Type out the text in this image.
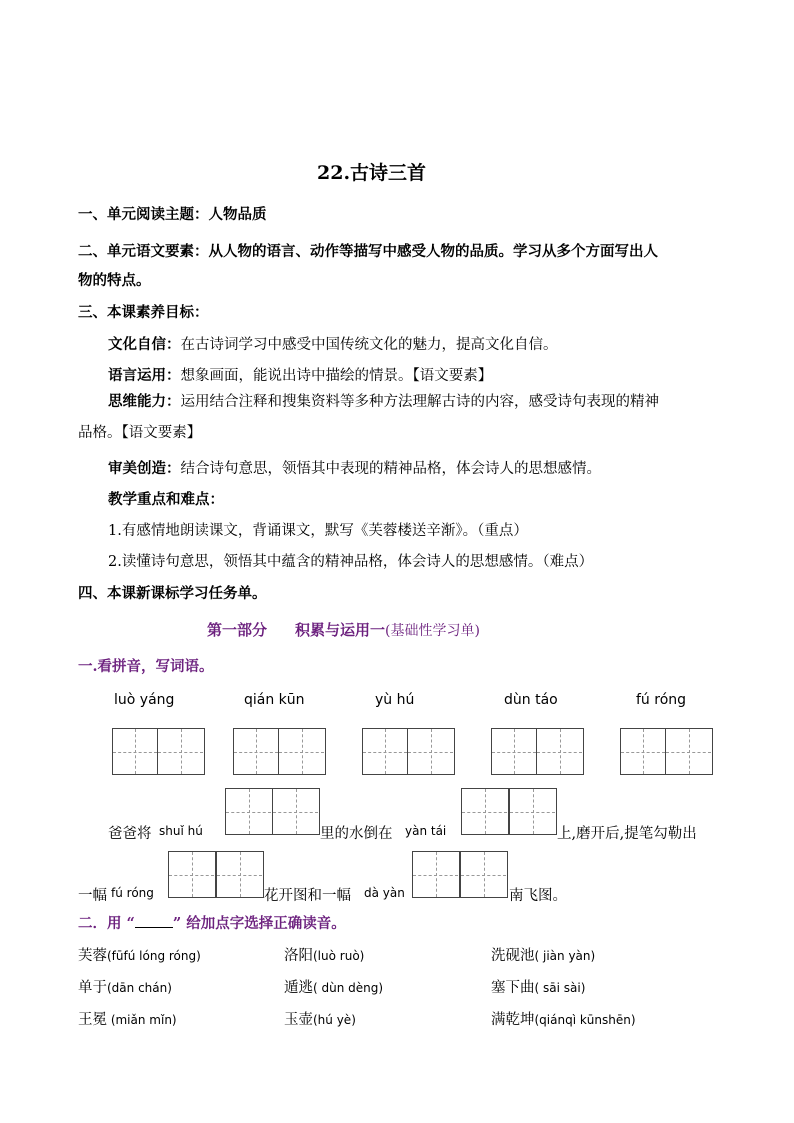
22.古诗三首
一、单元阅读主题：人物品质
二、单元语文要素：从人物的语言、动作等描写中感受人物的品质。学习从多个方面写出人
物的特点。
三、本课素养目标：
文化自信：在古诗词学习中感受中国传统文化的魅力，提高文化自信。
语言运用：想象画面，能说出诗中描绘的情景。【语文要素】
思维能力：运用结合注释和搜集资料等多种方法理解古诗的内容，感受诗句表现的精神
品格。【语文要素】
审美创造：结合诗句意思，领悟其中表现的精神品格，体会诗人的思想感情。
教学重点和难点：
1.有感情地朗读课文，背诵课文，默写《芙蓉楼送辛渐》。（重点）
2.读懂诗句意思，领悟其中蕴含的精神品格，体会诗人的思想感情。（难点）
四、本课新课标学习任务单。
第一部分 积累与运用一(基础性学习单)
一.看拼音，写词语。
luò yáng	qián kūn	yù hú	dùn táo	fú róng
爸爸将 shuǐ hú	里的水倒在 yàn tái	上,磨开后,提笔勾勒出
一幅 fú róng	花开图和一幅 dà yàn	南飞图。
二．用 “	” 给加点字选择正确读音。
芙蓉(fūfú lóng róng)	洛阳(luò ruò)	洗砚池( jiàn yàn)
单于(dān chán)	遁逃( dùn dèng)	塞下曲( sāi sài)
王冕 (miǎn mǐn)	玉壶(hú yè)	满乾坤(qiánqì kūnshēn)
